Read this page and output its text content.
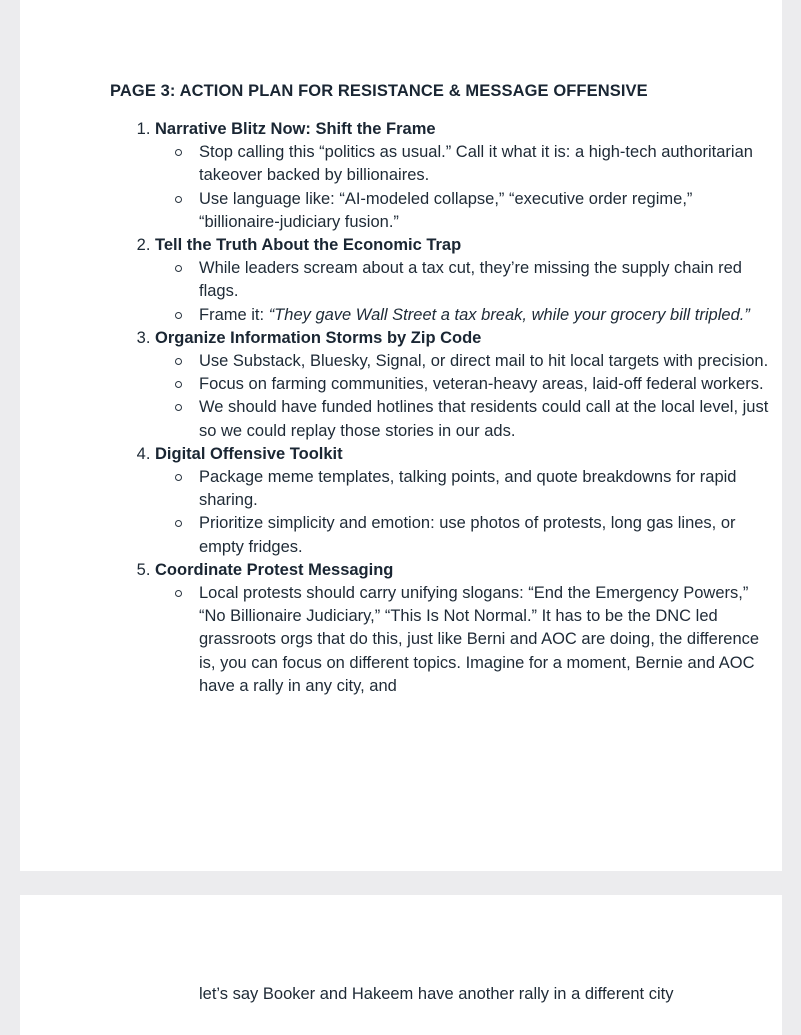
PAGE 3: ACTION PLAN FOR RESISTANCE & MESSAGE OFFENSIVE
1. Narrative Blitz Now: Shift the Frame
Stop calling this “politics as usual.” Call it what it is: a high-tech authoritarian takeover backed by billionaires.
Use language like: “AI-modeled collapse,” “executive order regime,” “billionaire-judiciary fusion.”
2. Tell the Truth About the Economic Trap
While leaders scream about a tax cut, they’re missing the supply chain red flags.
Frame it: “They gave Wall Street a tax break, while your grocery bill tripled.”
3. Organize Information Storms by Zip Code
Use Substack, Bluesky, Signal, or direct mail to hit local targets with precision.
Focus on farming communities, veteran-heavy areas, laid-off federal workers.
We should have funded hotlines that residents could call at the local level, just so we could replay those stories in our ads.
4. Digital Offensive Toolkit
Package meme templates, talking points, and quote breakdowns for rapid sharing.
Prioritize simplicity and emotion: use photos of protests, long gas lines, or empty fridges.
5. Coordinate Protest Messaging
Local protests should carry unifying slogans: “End the Emergency Powers,” “No Billionaire Judiciary,” “This Is Not Normal.” It has to be the DNC led grassroots orgs that do this, just like Berni and AOC are doing, the difference is, you can focus on different topics. Imagine for a moment, Bernie and AOC have a rally in any city, and

let’s say Booker and Hakeem have another rally in a different city
